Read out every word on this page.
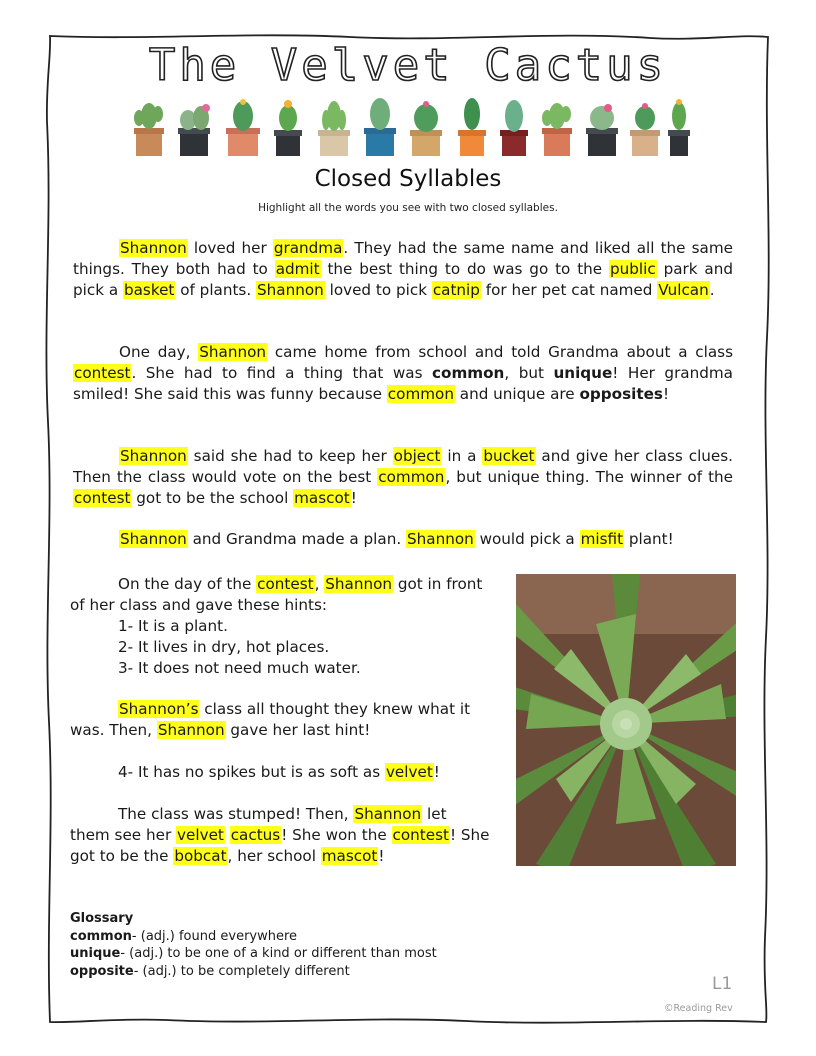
The Velvet Cactus
Closed Syllables
Highlight all the words you see with two closed syllables.

Shannon loved her grandma. They had the same name and liked all the same things. They both had to admit the best thing to do was go to the public park and pick a basket of plants. Shannon loved to pick catnip for her pet cat named Vulcan.

One day, Shannon came home from school and told Grandma about a class contest. She had to find a thing that was common, but unique! Her grandma smiled! She said this was funny because common and unique are opposites!

Shannon said she had to keep her object in a bucket and give her class clues. Then the class would vote on the best common, but unique thing. The winner of the contest got to be the school mascot!

Shannon and Grandma made a plan. Shannon would pick a misfit plant!

On the day of the contest, Shannon got in front of her class and gave these hints:

1- It is a plant.
2- It lives in dry, hot places.
3- It does not need much water.

Shannon’s class all thought they knew what it was. Then, Shannon gave her last hint!

4- It has no spikes but is as soft as velvet!

The class was stumped! Then, Shannon let them see her velvet cactus! She won the contest! She got to be the bobcat, her school mascot!

Glossary
common- (adj.) found everywhere
unique- (adj.) to be one of a kind or different than most
opposite- (adj.) to be completely different
L1
©Reading Rev
